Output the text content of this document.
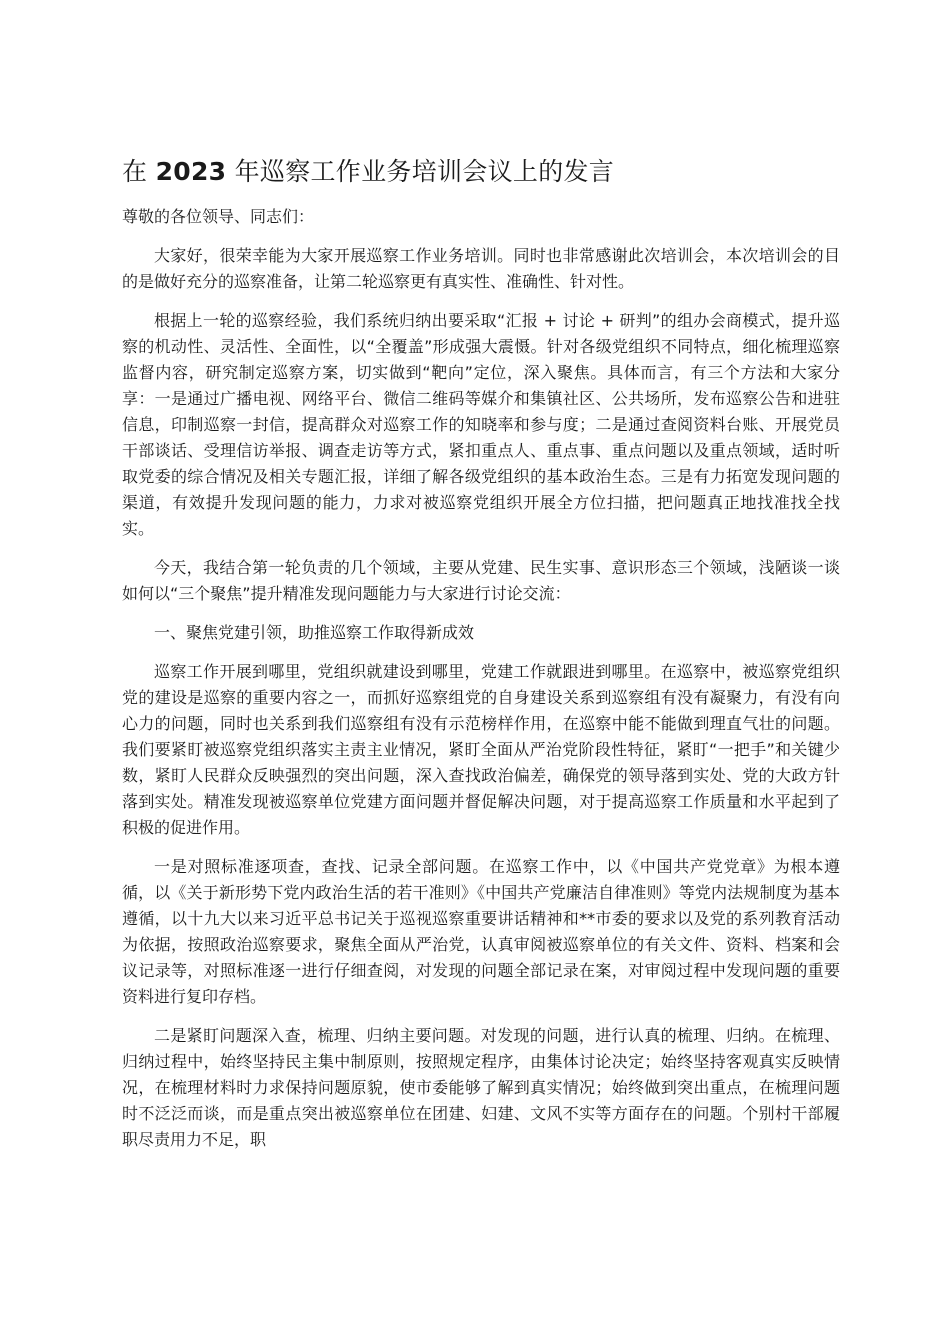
在 2023 年巡察工作业务培训会议上的发言

尊敬的各位领导、同志们：

大家好，很荣幸能为大家开展巡察工作业务培训。同时也非常感谢此次培训会，本次培训会的目的是做好充分的巡察准备，让第二轮巡察更有真实性、准确性、针对性。

根据上一轮的巡察经验，我们系统归纳出要采取“汇报 + 讨论 + 研判”的组办会商模式，提升巡察的机动性、灵活性、全面性，以“全覆盖”形成强大震慑。针对各级党组织不同特点，细化梳理巡察监督内容，研究制定巡察方案，切实做到“靶向”定位，深入聚焦。具体而言，有三个方法和大家分享：一是通过广播电视、网络平台、微信二维码等媒介和集镇社区、公共场所，发布巡察公告和进驻信息，印制巡察一封信，提高群众对巡察工作的知晓率和参与度；二是通过查阅资料台账、开展党员干部谈话、受理信访举报、调查走访等方式，紧扣重点人、重点事、重点问题以及重点领域，适时听取党委的综合情况及相关专题汇报，详细了解各级党组织的基本政治生态。三是有力拓宽发现问题的渠道，有效提升发现问题的能力，力求对被巡察党组织开展全方位扫描，把问题真正地找准找全找实。

今天，我结合第一轮负责的几个领域，主要从党建、民生实事、意识形态三个领域，浅陋谈一谈如何以“三个聚焦”提升精准发现问题能力与大家进行讨论交流：

一、聚焦党建引领，助推巡察工作取得新成效

巡察工作开展到哪里，党组织就建设到哪里，党建工作就跟进到哪里。在巡察中，被巡察党组织党的建设是巡察的重要内容之一，而抓好巡察组党的自身建设关系到巡察组有没有凝聚力，有没有向心力的问题，同时也关系到我们巡察组有没有示范榜样作用，在巡察中能不能做到理直气壮的问题。我们要紧盯被巡察党组织落实主责主业情况，紧盯全面从严治党阶段性特征，紧盯“一把手”和关键少数，紧盯人民群众反映强烈的突出问题，深入查找政治偏差，确保党的领导落到实处、党的大政方针落到实处。精准发现被巡察单位党建方面问题并督促解决问题，对于提高巡察工作质量和水平起到了积极的促进作用。

一是对照标准逐项查，查找、记录全部问题。在巡察工作中，以《中国共产党党章》为根本遵循，以《关于新形势下党内政治生活的若干准则》《中国共产党廉洁自律准则》等党内法规制度为基本遵循，以十九大以来习近平总书记关于巡视巡察重要讲话精神和**市委的要求以及党的系列教育活动为依据，按照政治巡察要求，聚焦全面从严治党，认真审阅被巡察单位的有关文件、资料、档案和会议记录等，对照标准逐一进行仔细查阅，对发现的问题全部记录在案，对审阅过程中发现问题的重要资料进行复印存档。

二是紧盯问题深入查，梳理、归纳主要问题。对发现的问题，进行认真的梳理、归纳。在梳理、归纳过程中，始终坚持民主集中制原则，按照规定程序，由集体讨论决定；始终坚持客观真实反映情况，在梳理材料时力求保持问题原貌，使市委能够了解到真实情况；始终做到突出重点，在梳理问题时不泛泛而谈，而是重点突出被巡察单位在团建、妇建、文风不实等方面存在的问题。个别村干部履职尽责用力不足，职
